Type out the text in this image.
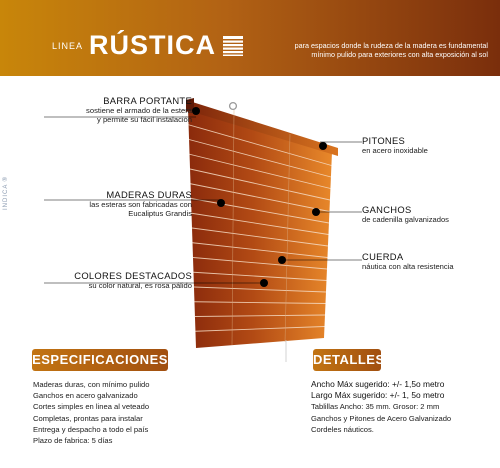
LINEA RÚSTICA	para espacios donde la rudeza de la madera es fundamental
mínimo pulido para exteriores con alta exposición al sol
INDICA ®
BARRA PORTANTE
sostiene el armado de la estera
y permite su fácil instalación
MADERAS DURAS
las esteras son fabricadas con
Eucaliptus Grandis
COLORES DESTACADOS
su color natural, es rosa pálido
PITONES
en acero inoxidable
GANCHOS
de cadenilla galvanizados
CUERDA
náutica con alta resistencia
ESPECIFICACIONES
Maderas duras, con mínimo pulido
Ganchos en acero galvanizado
Cortes simples en linea al veteado
Completas, prontas para instalar
Entrega y despacho a todo el país
Plazo de fabrica: 5 días
DETALLES
Ancho Máx sugerido: +/- 1,5o metro
Largo Máx sugerido: +/- 1, 5o metro
Tablillas Ancho: 35 mm. Grosor: 2 mm
Ganchos y Pitones de Acero Galvanizado
Cordeles náuticos.
